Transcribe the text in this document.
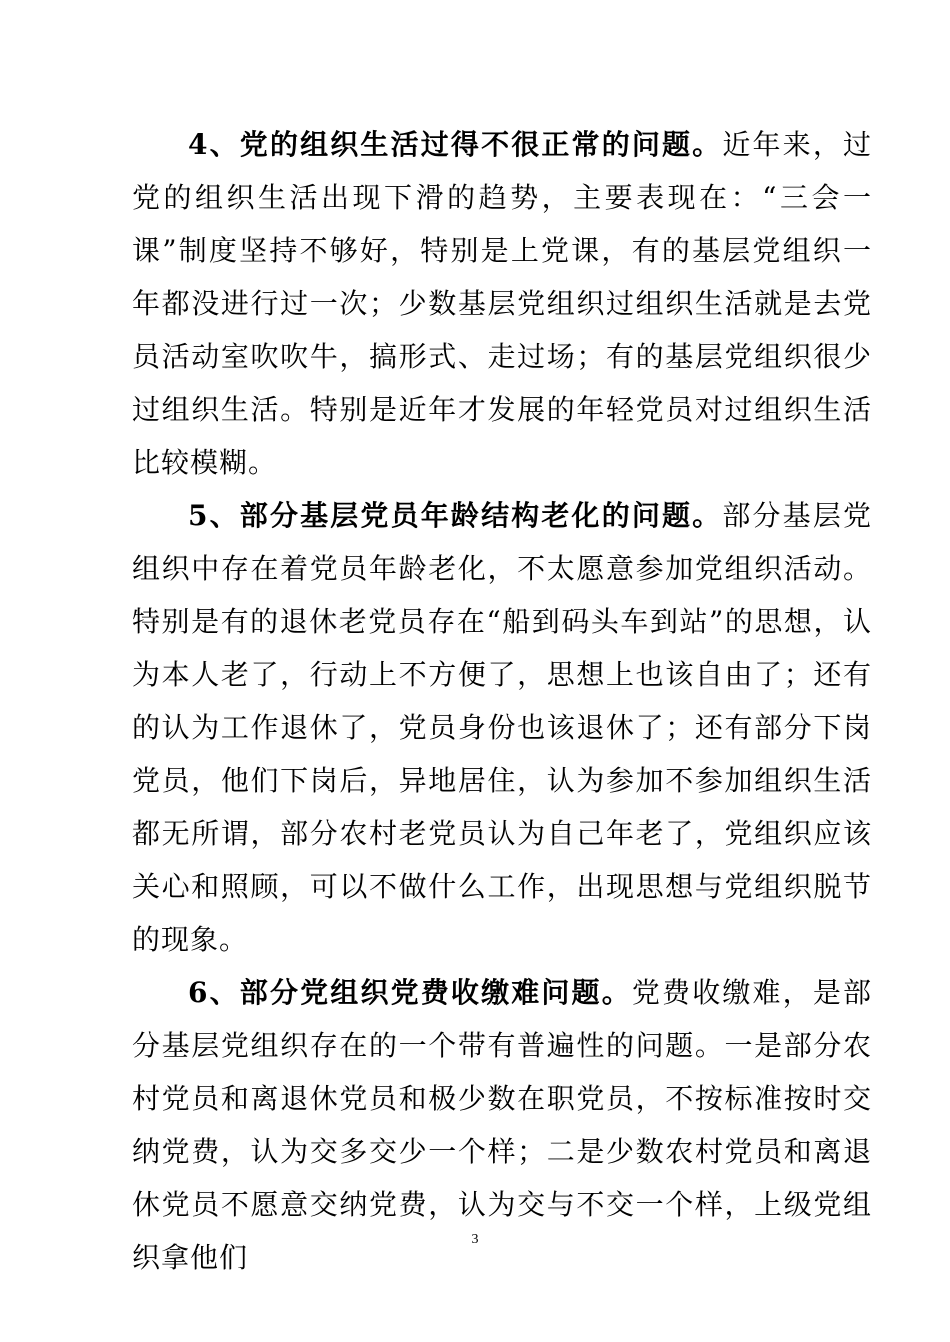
4、党的组织生活过得不很正常的问题。近年来，过党的组织生活出现下滑的趋势，主要表现在：“三会一课”制度坚持不够好，特别是上党课，有的基层党组织一年都没进行过一次；少数基层党组织过组织生活就是去党员活动室吹吹牛，搞形式、走过场；有的基层党组织很少过组织生活。特别是近年才发展的年轻党员对过组织生活比较模糊。

5、部分基层党员年龄结构老化的问题。部分基层党组织中存在着党员年龄老化，不太愿意参加党组织活动。特别是有的退休老党员存在“船到码头车到站”的思想，认为本人老了，行动上不方便了，思想上也该自由了；还有的认为工作退休了，党员身份也该退休了；还有部分下岗党员，他们下岗后，异地居住，认为参加不参加组织生活都无所谓，部分农村老党员认为自己年老了，党组织应该关心和照顾，可以不做什么工作，出现思想与党组织脱节的现象。

6、部分党组织党费收缴难问题。党费收缴难，是部分基层党组织存在的一个带有普遍性的问题。一是部分农村党员和离退休党员和极少数在职党员，不按标准按时交纳党费，认为交多交少一个样；二是少数农村党员和离退休党员不愿意交纳党费，认为交与不交一个样，上级党组织拿他们

3
